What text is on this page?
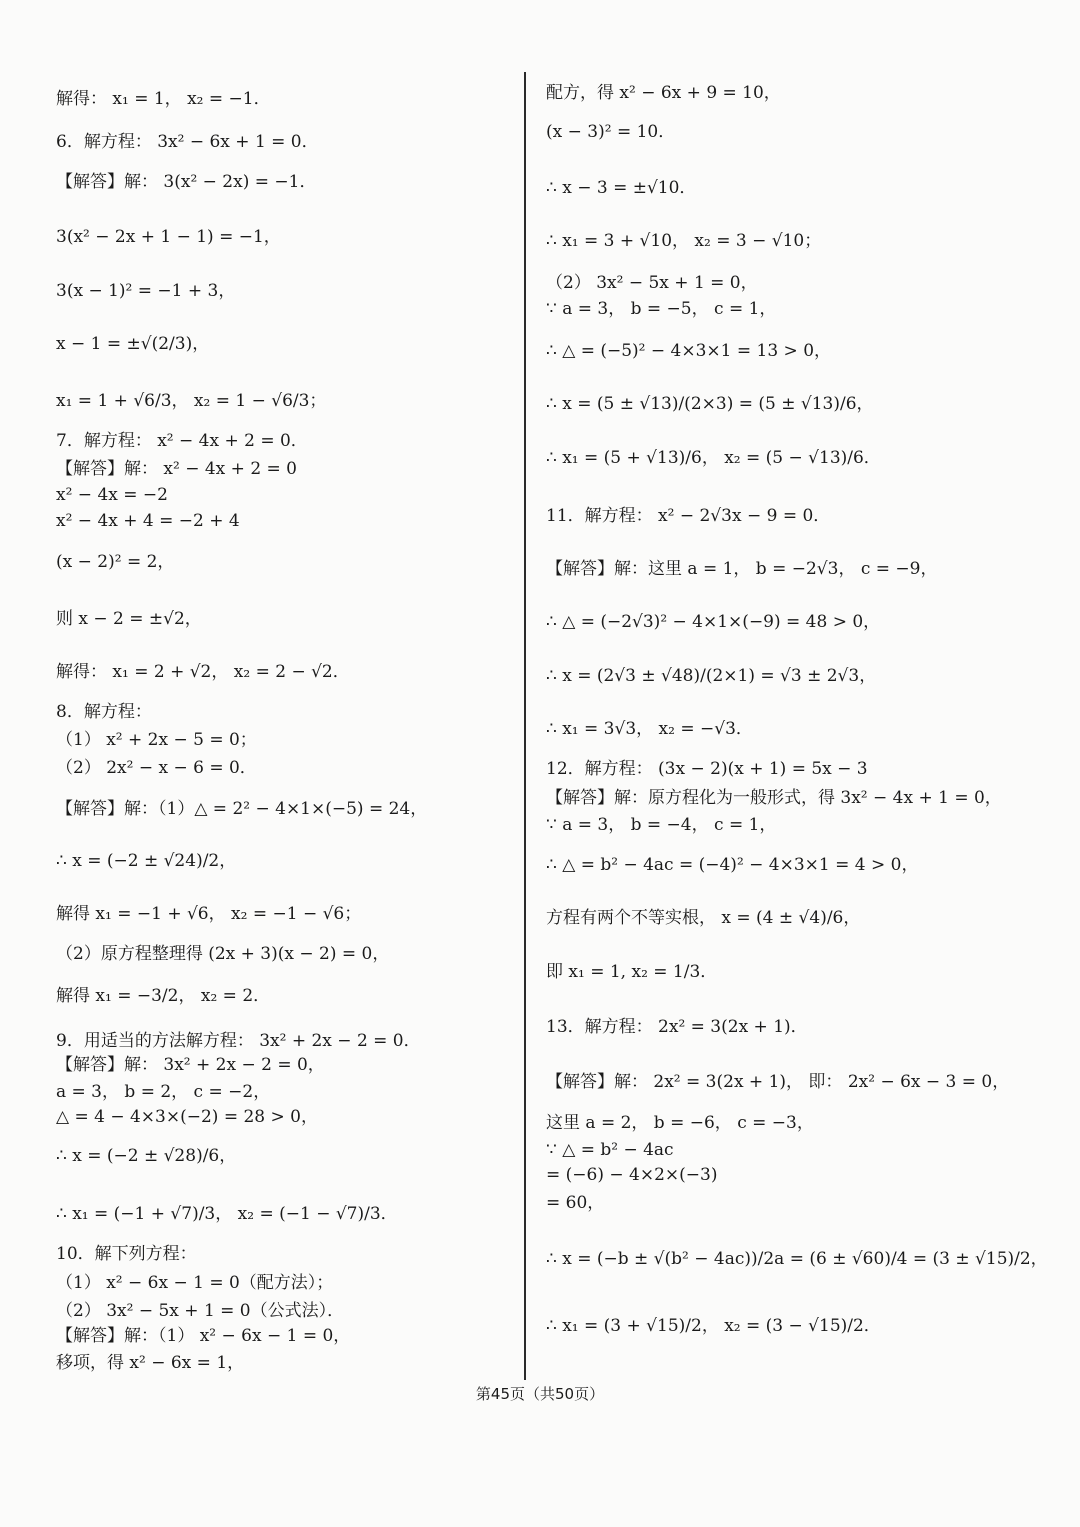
解得： x₁ = 1， x₂ = −1．
6．解方程： 3x² − 6x + 1 = 0．
【解答】解： 3(x² − 2x) = −1．
3(x² − 2x + 1 − 1) = −1，
3(x − 1)² = −1 + 3，
x − 1 = ±√(2/3)，
x₁ = 1 + √6/3， x₂ = 1 − √6/3；
7．解方程： x² − 4x + 2 = 0．
【解答】解： x² − 4x + 2 = 0
x² − 4x = −2
x² − 4x + 4 = −2 + 4
(x − 2)² = 2，
则 x − 2 = ±√2，
解得： x₁ = 2 + √2， x₂ = 2 − √2．
8．解方程：
（1） x² + 2x − 5 = 0；
（2） 2x² − x − 6 = 0．
【解答】解：（1）△ = 2² − 4×1×(−5) = 24，
∴ x = (−2 ± √24)/2，
解得 x₁ = −1 + √6， x₂ = −1 − √6；
（2）原方程整理得 (2x + 3)(x − 2) = 0，
解得 x₁ = −3/2， x₂ = 2．
9．用适当的方法解方程： 3x² + 2x − 2 = 0．
【解答】解： 3x² + 2x − 2 = 0，
a = 3， b = 2， c = −2，
△ = 4 − 4×3×(−2) = 28 > 0，
∴ x = (−2 ± √28)/6，
∴ x₁ = (−1 + √7)/3， x₂ = (−1 − √7)/3．
10．解下列方程：
（1） x² − 6x − 1 = 0（配方法）；
（2） 3x² − 5x + 1 = 0（公式法）．
【解答】解：（1） x² − 6x − 1 = 0，
移项，得 x² − 6x = 1，
配方，得 x² − 6x + 9 = 10，
(x − 3)² = 10．
∴ x − 3 = ±√10．
∴ x₁ = 3 + √10， x₂ = 3 − √10；
（2） 3x² − 5x + 1 = 0，
∵ a = 3， b = −5， c = 1，
∴ △ = (−5)² − 4×3×1 = 13 > 0，
∴ x = (5 ± √13)/(2×3) = (5 ± √13)/6，
∴ x₁ = (5 + √13)/6， x₂ = (5 − √13)/6．
11．解方程： x² − 2√3x − 9 = 0．
【解答】解：这里 a = 1， b = −2√3， c = −9，
∴ △ = (−2√3)² − 4×1×(−9) = 48 > 0，
∴ x = (2√3 ± √48)/(2×1) = √3 ± 2√3，
∴ x₁ = 3√3， x₂ = −√3．
12．解方程： (3x − 2)(x + 1) = 5x − 3
【解答】解：原方程化为一般形式，得 3x² − 4x + 1 = 0，
∵ a = 3， b = −4， c = 1，
∴ △ = b² − 4ac = (−4)² − 4×3×1 = 4 > 0，
方程有两个不等实根， x = (4 ± √4)/6，
即 x₁ = 1, x₂ = 1/3．
13．解方程： 2x² = 3(2x + 1)．
【解答】解： 2x² = 3(2x + 1)， 即： 2x² − 6x − 3 = 0，
这里 a = 2， b = −6， c = −3，
∵ △ = b² − 4ac
= (−6) − 4×2×(−3)
= 60，
∴ x = (−b ± √(b² − 4ac))/2a = (6 ± √60)/4 = (3 ± √15)/2，
∴ x₁ = (3 + √15)/2， x₂ = (3 − √15)/2．
第45页（共50页）
